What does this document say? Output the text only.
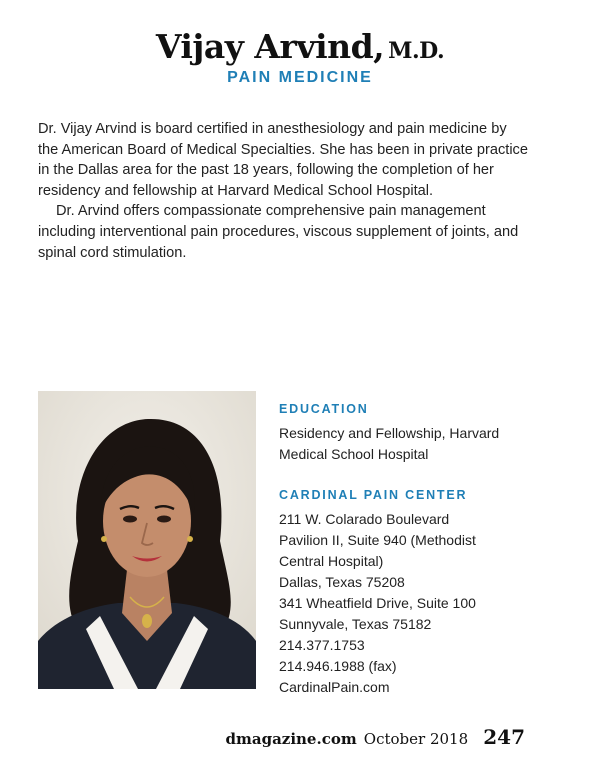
Vijay Arvind, M.D.
PAIN MEDICINE

Dr. Vijay Arvind is board certified in anesthesiology and pain medicine by the American Board of Medical Specialties. She has been in private practice in the Dallas area for the past 18 years, following the completion of her residency and fellowship at Harvard Medical School Hospital.

Dr. Arvind offers compassionate comprehensive pain management including interventional pain procedures, viscous supplement of joints, and spinal cord stimulation.

EDUCATION
Residency and Fellowship, Harvard
Medical School Hospital
CARDINAL PAIN CENTER
211 W. Colarado Boulevard
Pavilion II, Suite 940 (Methodist
Central Hospital)
Dallas, Texas 75208
341 Wheatfield Drive, Suite 100
Sunnyvale, Texas 75182
214.377.1753
214.946.1988 (fax)
CardinalPain.com
dmagazine.com October 2018 247
